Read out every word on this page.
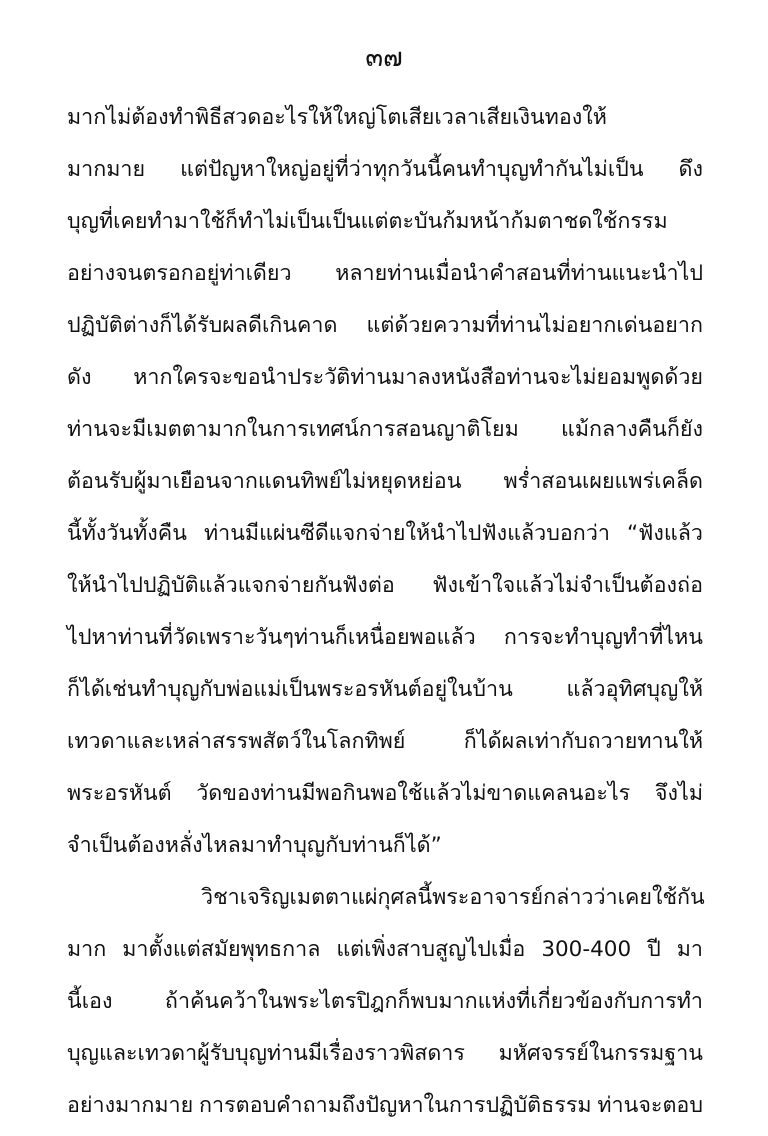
๓๗
มากไม่ต้องทำพิธีสวดอะไรให้ใหญ่โตเสียเวลาเสียเงินทองให้
มากมาย แต่ปัญหาใหญ่อยู่ที่ว่าทุกวันนี้คนทำบุญทำกันไม่เป็น ดึง
บุญที่เคยทำมาใช้ก็ทำไม่เป็นเป็นแต่ตะบันก้มหน้าก้มตาชดใช้กรรม
อย่างจนตรอกอยู่ท่าเดียว หลายท่านเมื่อนำคำสอนที่ท่านแนะนำไป
ปฏิบัติต่างก็ได้รับผลดีเกินคาด แต่ด้วยความที่ท่านไม่อยากเด่นอยาก
ดัง หากใครจะขอนำประวัติท่านมาลงหนังสือท่านจะไม่ยอมพูดด้วย
ท่านจะมีเมตตามากในการเทศน์การสอนญาติโยม แม้กลางคืนก็ยัง
ต้อนรับผู้มาเยือนจากแดนทิพย์ไม่หยุดหย่อน พร่ำสอนเผยแพร่เคล็ด
นี้ทั้งวันทั้งคืน ท่านมีแผ่นซีดีแจกจ่ายให้นำไปฟังแล้วบอกว่า “ฟังแล้ว
ให้นำไปปฏิบัติแล้วแจกจ่ายกันฟังต่อ ฟังเข้าใจแล้วไม่จำเป็นต้องถ่อ
ไปหาท่านที่วัดเพราะวันๆท่านก็เหนื่อยพอแล้ว การจะทำบุญทำที่ไหน
ก็ได้เช่นทำบุญกับพ่อแม่เป็นพระอรหันต์อยู่ในบ้าน แล้วอุทิศบุญให้
เทวดาและเหล่าสรรพสัตว์ในโลกทิพย์	ก็ได้ผลเท่ากับถวายทานให้
พระอรหันต์ วัดของท่านมีพอกินพอใช้แล้วไม่ขาดแคลนอะไร จึงไม่
จำเป็นต้องหลั่งไหลมาทำบุญกับท่านก็ได้”
วิชาเจริญเมตตาแผ่กุศลนี้ พระอาจารย์กล่าวว่าเคยใช้กัน
มาก มาตั้งแต่สมัยพุทธกาล แต่เพิ่งสาบสูญไปเมื่อ 300-400 ปี มา
นี้เอง ถ้าค้นคว้าในพระไตรปิฎกก็พบมากแห่งที่เกี่ยวข้องกับการทำ
บุญและเทวดาผู้รับบุญท่านมีเรื่องราวพิสดาร มหัศจรรย์ในกรรมฐาน
อย่างมากมาย การตอบคำถามถึงปัญหาในการปฏิบัติธรรม ท่านจะตอบ
